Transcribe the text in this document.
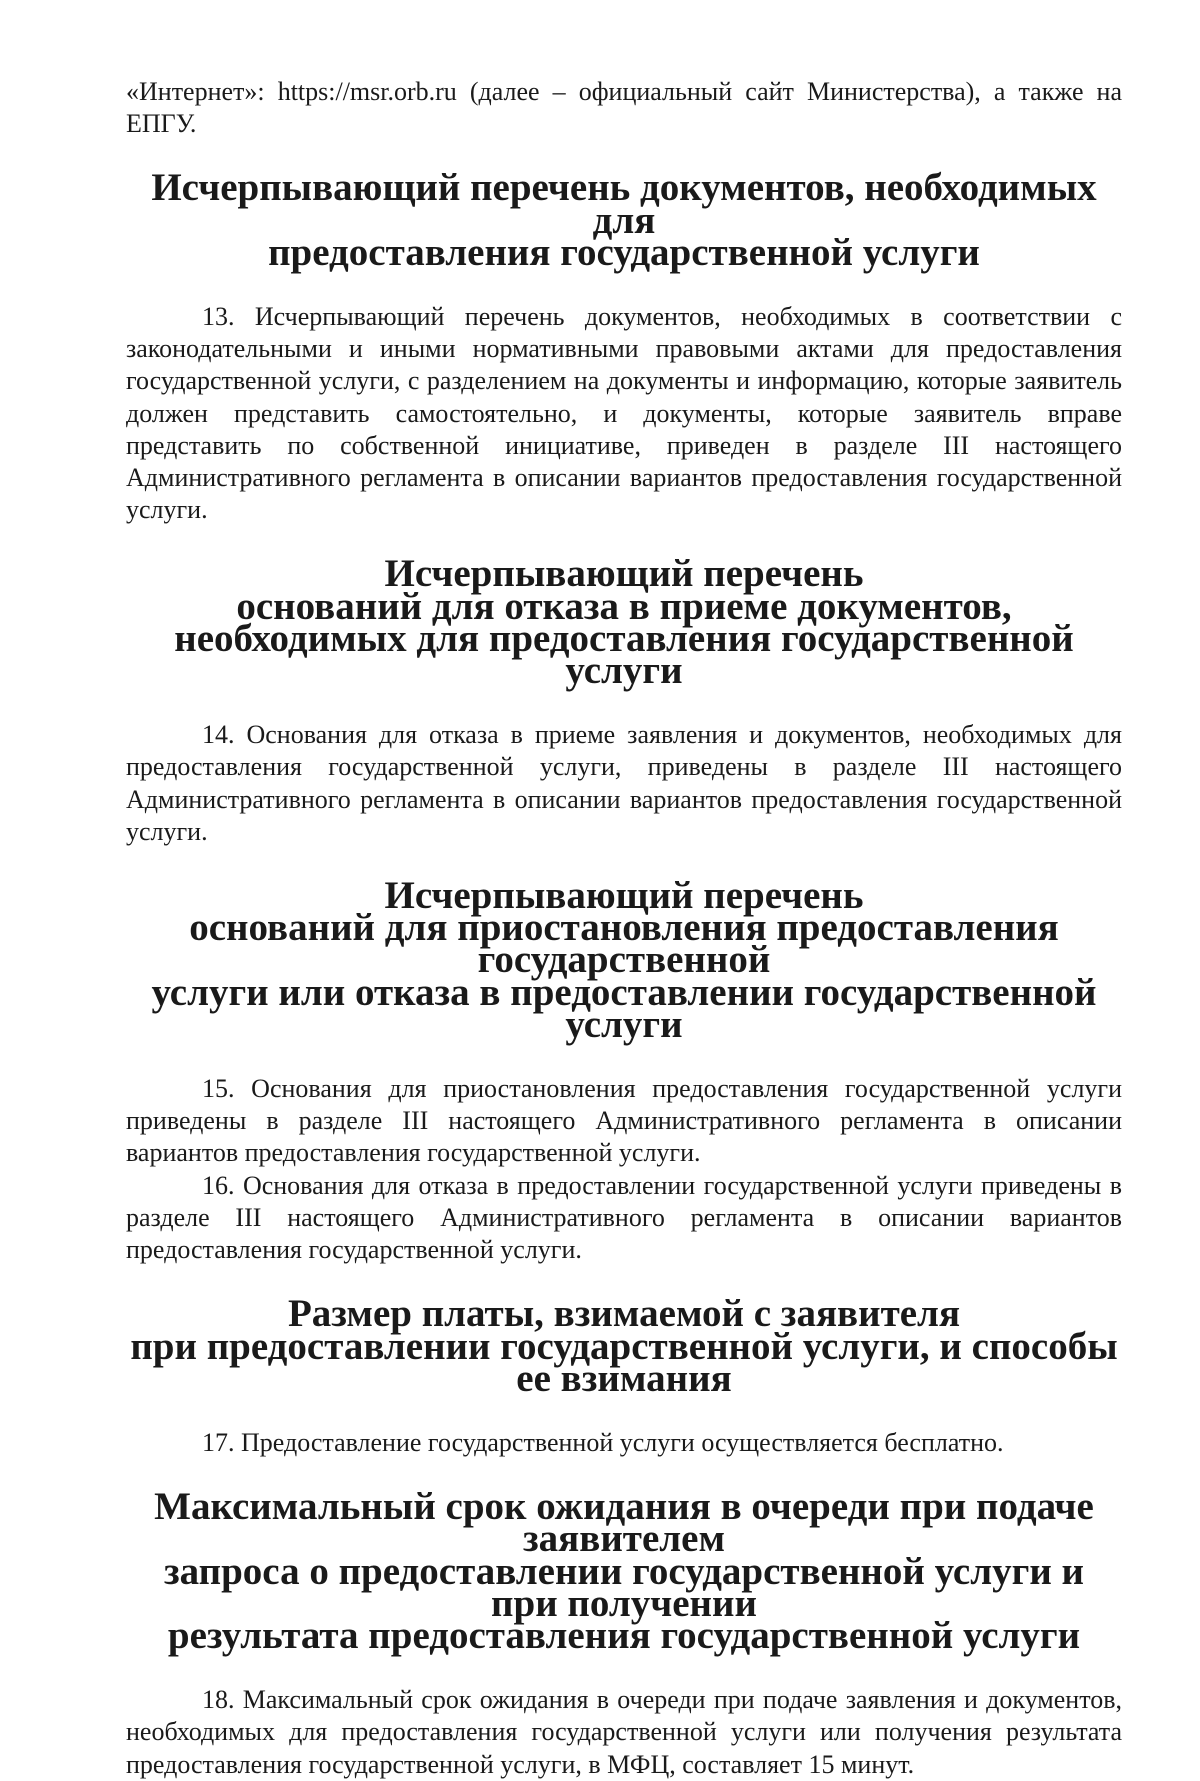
«Интернет»: https://msr.orb.ru (далее – официальный сайт Министерства), а также на ЕПГУ.

Исчерпывающий перечень документов, необходимых для
предоставления государственной услуги

13. Исчерпывающий перечень документов, необходимых в соответствии с законодательными и иными нормативными правовыми актами для предоставления государственной услуги, с разделением на документы и информацию, которые заявитель должен представить самостоятельно, и документы, которые заявитель вправе представить по собственной инициативе, приведен в разделе III настоящего Административного регламента в описании вариантов предоставления государственной услуги.

Исчерпывающий перечень
оснований для отказа в приеме документов,
необходимых для предоставления государственной услуги

14. Основания для отказа в приеме заявления и документов, необходимых для предоставления государственной услуги, приведены в разделе III настоящего Административного регламента в описании вариантов предоставления государственной услуги.

Исчерпывающий перечень
оснований для приостановления предоставления государственной
услуги или отказа в предоставлении государственной услуги

15. Основания для приостановления предоставления государственной услуги приведены в разделе III настоящего Административного регламента в описании вариантов предоставления государственной услуги.

16. Основания для отказа в предоставлении государственной услуги приведены в разделе III настоящего Административного регламента в описании вариантов предоставления государственной услуги.

Размер платы, взимаемой с заявителя
при предоставлении государственной услуги, и способы ее взимания

17. Предоставление государственной услуги осуществляется бесплатно.

Максимальный срок ожидания в очереди при подаче заявителем
запроса о предоставлении государственной услуги и при получении
результата предоставления государственной услуги

18. Максимальный срок ожидания в очереди при подаче заявления и документов, необходимых для предоставления государственной услуги или получения результата предоставления государственной услуги, в МФЦ, составляет 15 минут.
